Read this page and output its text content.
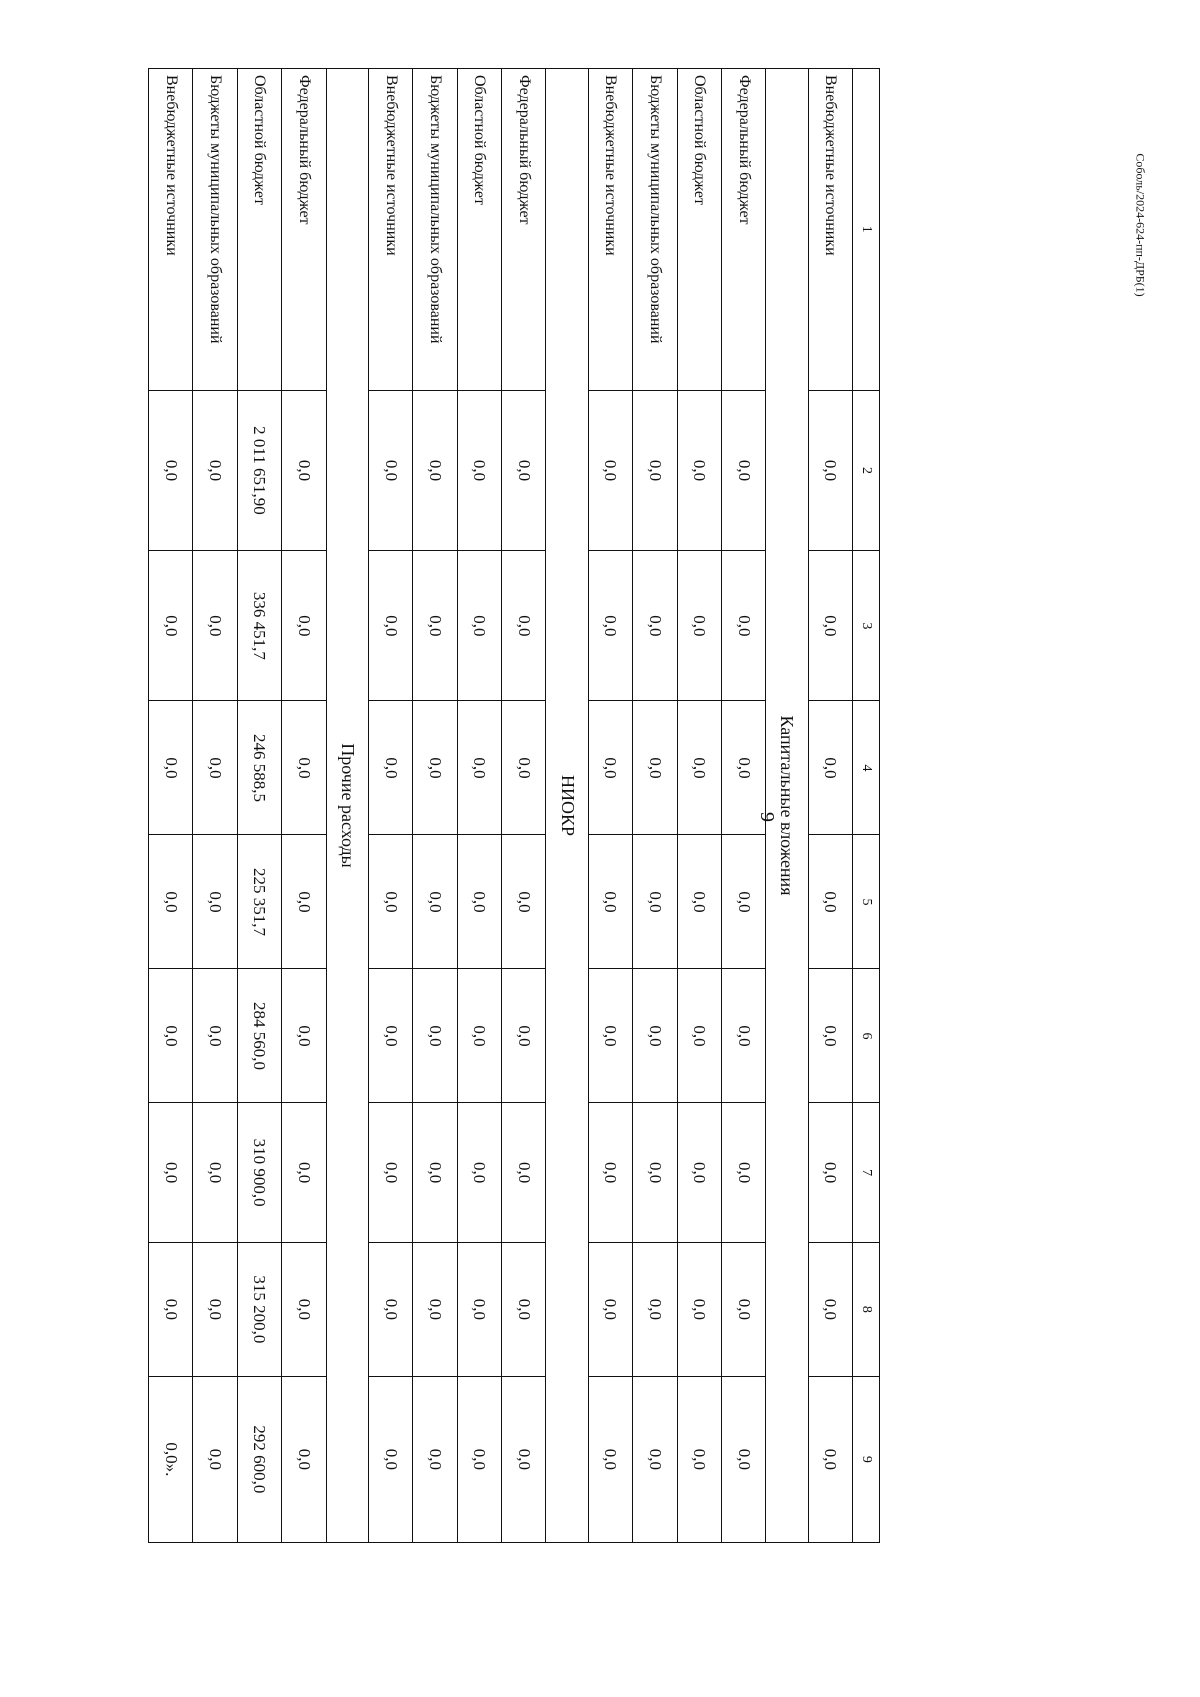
9
Соболь/2024-624-пп-ДРБ(1)
1	2	3	4	5	6	7	8	9
Внебюджетные источники	0,0	0,0	0,0	0,0	0,0	0,0	0,0	0,0
Капитальные вложения								
Федеральный бюджет	0,0	0,0	0,0	0,0	0,0	0,0	0,0	0,0
Областной бюджет	0,0	0,0	0,0	0,0	0,0	0,0	0,0	0,0
Бюджеты муниципальных образований	0,0	0,0	0,0	0,0	0,0	0,0	0,0	0,0
Внебюджетные источники	0,0	0,0	0,0	0,0	0,0	0,0	0,0	0,0
НИОКР								
Федеральный бюджет	0,0	0,0	0,0	0,0	0,0	0,0	0,0	0,0
Областной бюджет	0,0	0,0	0,0	0,0	0,0	0,0	0,0	0,0
Бюджеты муниципальных образований	0,0	0,0	0,0	0,0	0,0	0,0	0,0	0,0
Внебюджетные источники	0,0	0,0	0,0	0,0	0,0	0,0	0,0	0,0
Прочие расходы								
Федеральный бюджет	0,0	0,0	0,0	0,0	0,0	0,0	0,0	0,0
Областной бюджет	2 011 651,90	336 451,7	246 588,5	225 351,7	284 560,0	310 900,0	315 200,0	292 600,0
Бюджеты муниципальных образований	0,0	0,0	0,0	0,0	0,0	0,0	0,0	0,0
Внебюджетные источники	0,0	0,0	0,0	0,0	0,0	0,0	0,0	0,0».
